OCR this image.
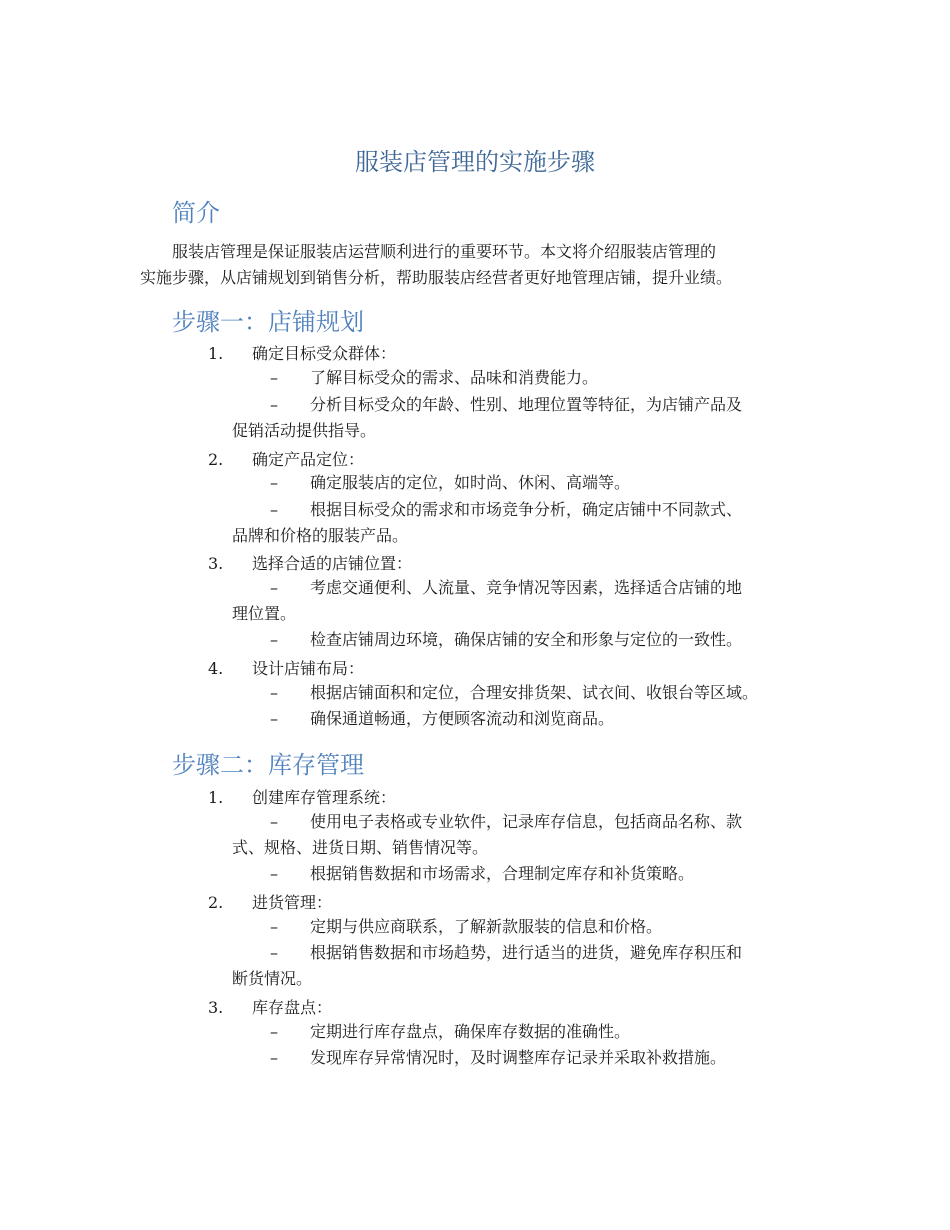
服装店管理的实施步骤
简介
服装店管理是保证服装店运营顺利进行的重要环节。本文将介绍服装店管理的
实施步骤，从店铺规划到销售分析，帮助服装店经营者更好地管理店铺，提升业绩。
步骤一：店铺规划
1. 确定目标受众群体：
– 了解目标受众的需求、品味和消费能力。
– 分析目标受众的年龄、性别、地理位置等特征，为店铺产品及
促销活动提供指导。
2. 确定产品定位：
– 确定服装店的定位，如时尚、休闲、高端等。
– 根据目标受众的需求和市场竞争分析，确定店铺中不同款式、
品牌和价格的服装产品。
3. 选择合适的店铺位置：
– 考虑交通便利、人流量、竞争情况等因素，选择适合店铺的地
理位置。
– 检查店铺周边环境，确保店铺的安全和形象与定位的一致性。
4. 设计店铺布局：
– 根据店铺面积和定位，合理安排货架、试衣间、收银台等区域。
– 确保通道畅通，方便顾客流动和浏览商品。
步骤二：库存管理
1. 创建库存管理系统：
– 使用电子表格或专业软件，记录库存信息，包括商品名称、款
式、规格、进货日期、销售情况等。
– 根据销售数据和市场需求，合理制定库存和补货策略。
2. 进货管理：
– 定期与供应商联系，了解新款服装的信息和价格。
– 根据销售数据和市场趋势，进行适当的进货，避免库存积压和
断货情况。
3. 库存盘点：
– 定期进行库存盘点，确保库存数据的准确性。
– 发现库存异常情况时，及时调整库存记录并采取补救措施。
